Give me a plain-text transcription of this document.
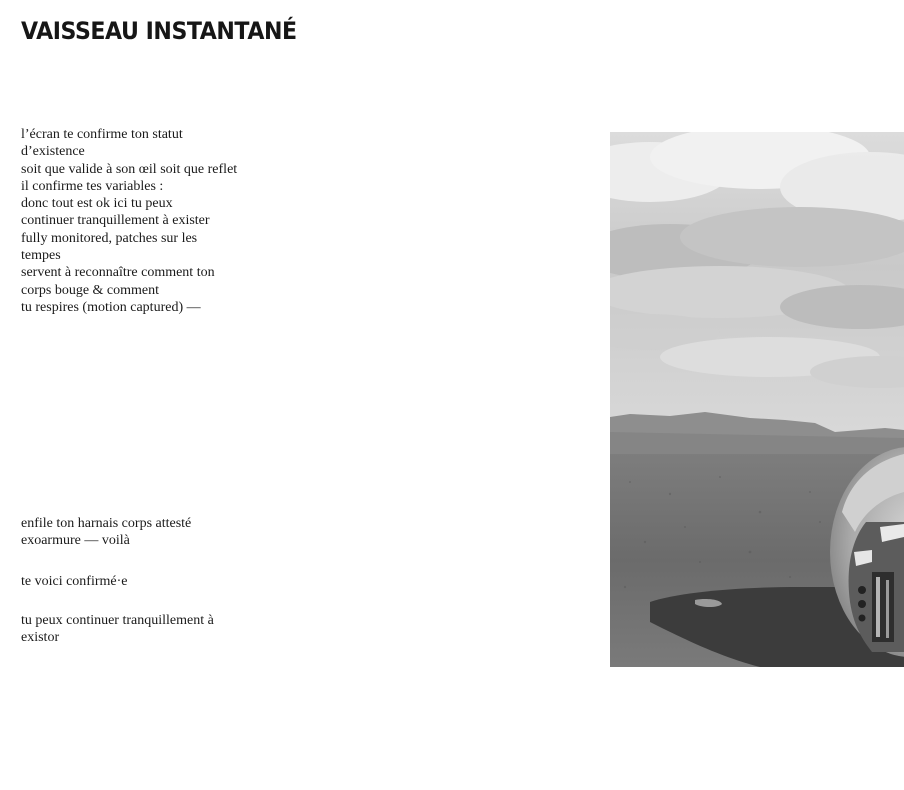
VAISSEAU INSTANTANÉ
l’écran te confirme ton statut
d’existence
soit que valide à son œil soit que reflet
il confirme tes variables :
donc tout est ok ici tu peux
continuer tranquillement à exister
fully monitored, patches sur les
tempes
servent à reconnaître comment ton
corps bouge & comment
tu respires (motion captured) —
enfile ton harnais corps attesté
exoarmure — voilà
te voici confirmé·e
tu peux continuer tranquillement à
existor
